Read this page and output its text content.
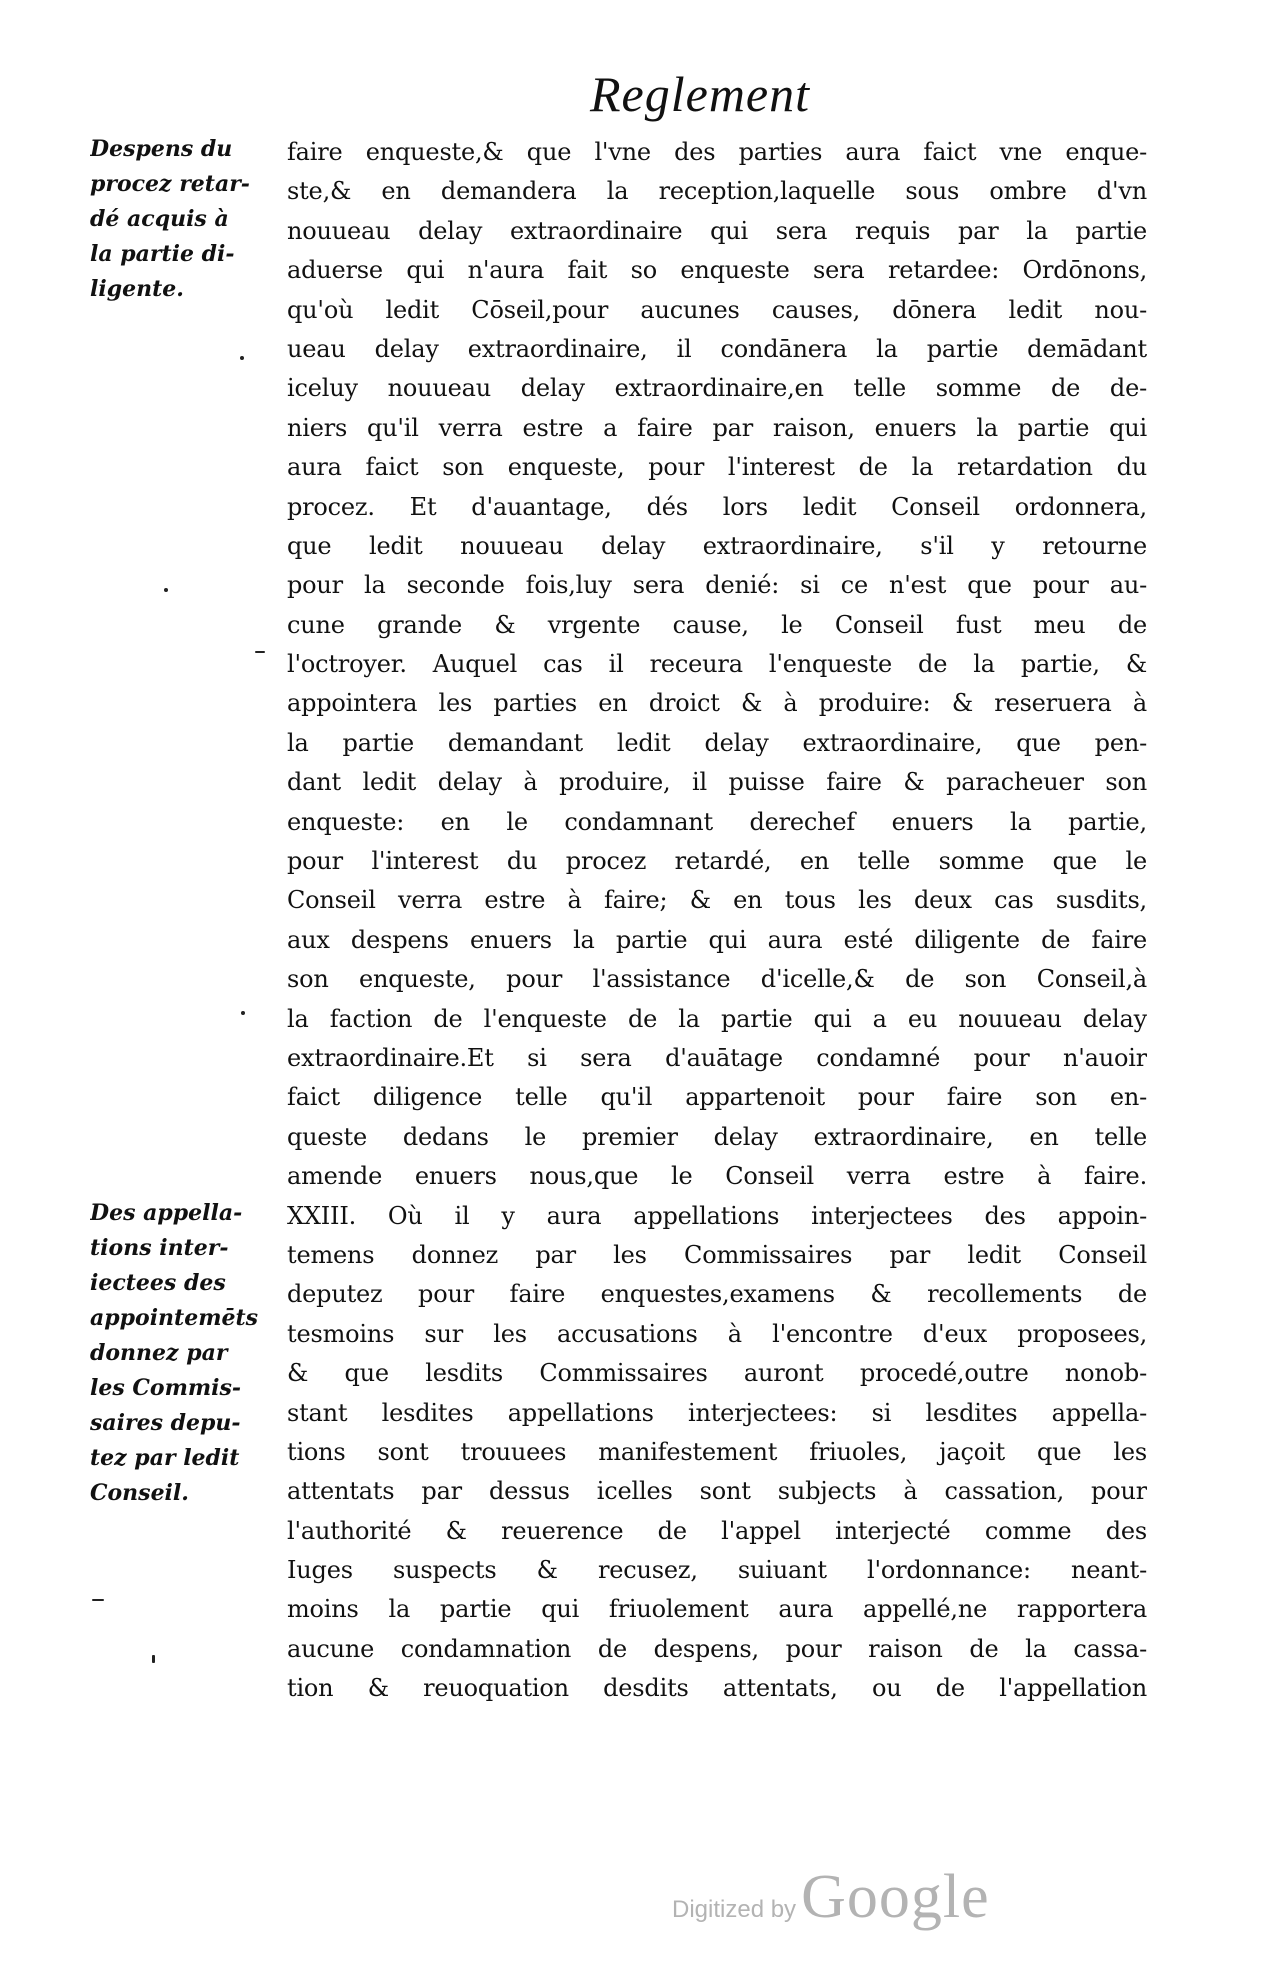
Reglement
Despens du
procez retar-
dé acquis à
la partie di-
ligente.
Des appella-
tions inter-
iectees des
appointemēts
donnez par
les Commis-
saires depu-
tez par ledit
Conseil.
faire enqueste,& que l'vne des parties aura faict vne enque-
ste,& en demandera la reception,laquelle sous ombre d'vn
nouueau delay extraordinaire qui sera requis par la partie
aduerse qui n'aura fait so enqueste sera retardee: Ordōnons,
qu'où ledit Cōseil,pour aucunes causes, dōnera ledit nou-
ueau delay extraordinaire, il condānera la partie demādant
iceluy nouueau delay extraordinaire,en telle somme de de-
niers qu'il verra estre a faire par raison, enuers la partie qui
aura faict son enqueste, pour l'interest de la retardation du
procez. Et d'auantage, dés lors ledit Conseil ordonnera,
que ledit nouueau delay extraordinaire, s'il y retourne
pour la seconde fois,luy sera denié: si ce n'est que pour au-
cune grande & vrgente cause, le Conseil fust meu de
l'octroyer. Auquel cas il receura l'enqueste de la partie, &
appointera les parties en droict & à produire: & reseruera à
la partie demandant ledit delay extraordinaire, que pen-
dant ledit delay à produire, il puisse faire & paracheuer son
enqueste: en le condamnant derechef enuers la partie,
pour l'interest du procez retardé, en telle somme que le
Conseil verra estre à faire; & en tous les deux cas susdits,
aux despens enuers la partie qui aura esté diligente de faire
son enqueste, pour l'assistance d'icelle,& de son Conseil,à
la faction de l'enqueste de la partie qui a eu nouueau delay
extraordinaire.Et si sera d'auātage condamné pour n'auoir
faict diligence telle qu'il appartenoit pour faire son en-
queste dedans le premier delay extraordinaire, en telle
amende enuers nous,que le Conseil verra estre à faire.
XXIII. Où il y aura appellations interjectees des appoin-
temens donnez par les Commissaires par ledit Conseil
deputez pour faire enquestes,examens & recollements de
tesmoins sur les accusations à l'encontre d'eux proposees,
& que lesdits Commissaires auront procedé,outre nonob-
stant lesdites appellations interjectees: si lesdites appella-
tions sont trouuees manifestement friuoles, jaçoit que les
attentats par dessus icelles sont subjects à cassation, pour
l'authorité & reuerence de l'appel interjecté comme des
Iuges suspects & recusez, suiuant l'ordonnance: neant-
moins la partie qui friuolement aura appellé,ne rapportera
aucune condamnation de despens, pour raison de la cassa-
tion & reuoquation desdits attentats, ou de l'appellation
Digitized by Google
